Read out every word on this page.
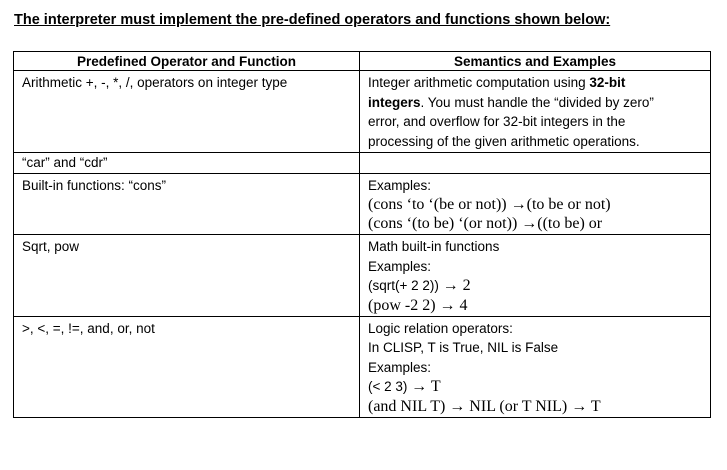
The interpreter must implement the pre-defined operators and functions shown below:
Predefined Operator and Function	Semantics and Examples
Arithmetic +, -, *, /, operators on integer type	Integer arithmetic computation using 32-bit
integers. You must handle the “divided by zero”
error, and overflow for 32-bit integers in the
processing of the given arithmetic operations.

“car” and “cdr”	
Built-in functions: “cons”	Examples:
(cons ‘to ‘(be or not)) →(to be or not)
(cons ‘(to be) ‘(or not)) →((to be) or

Sqrt, pow	Math built-in functions
Examples:
(sqrt(+ 2 2)) → 2
(pow -2 2) → 4

>, <, =, !=, and, or, not	Logic relation operators:
In CLISP, T is True, NIL is False
Examples:
(< 2 3) → T
(and NIL T) → NIL (or T NIL) → T
